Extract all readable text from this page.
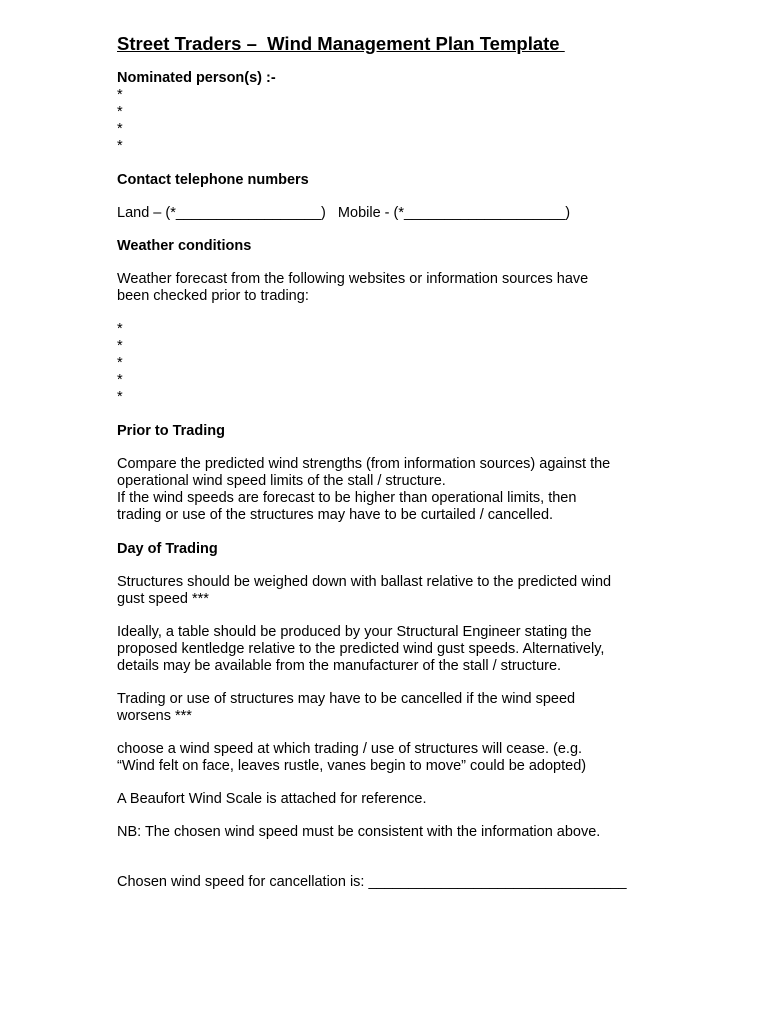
Street Traders –  Wind Management Plan Template
Nominated person(s) :-
*
*
*
*
Contact telephone numbers

Land – (*__________________)   Mobile - (*____________________)

Weather conditions

Weather forecast from the following websites or information sources have

been checked prior to trading:

*
*
*
*
*
Prior to Trading

Compare the predicted wind strengths (from information sources) against the

operational wind speed limits of the stall / structure.

If the wind speeds are forecast to be higher than operational limits, then

trading or use of the structures may have to be curtailed / cancelled.

Day of Trading

Structures should be weighed down with ballast relative to the predicted wind

gust speed ***

Ideally, a table should be produced by your Structural Engineer stating the

proposed kentledge relative to the predicted wind gust speeds. Alternatively,

details may be available from the manufacturer of the stall / structure.

Trading or use of structures may have to be cancelled if the wind speed

worsens ***

choose a wind speed at which trading / use of structures will cease. (e.g.

“Wind felt on face, leaves rustle, vanes begin to move” could be adopted)

A Beaufort Wind Scale is attached for reference.

NB: The chosen wind speed must be consistent with the information above.

Chosen wind speed for cancellation is: ________________________________
